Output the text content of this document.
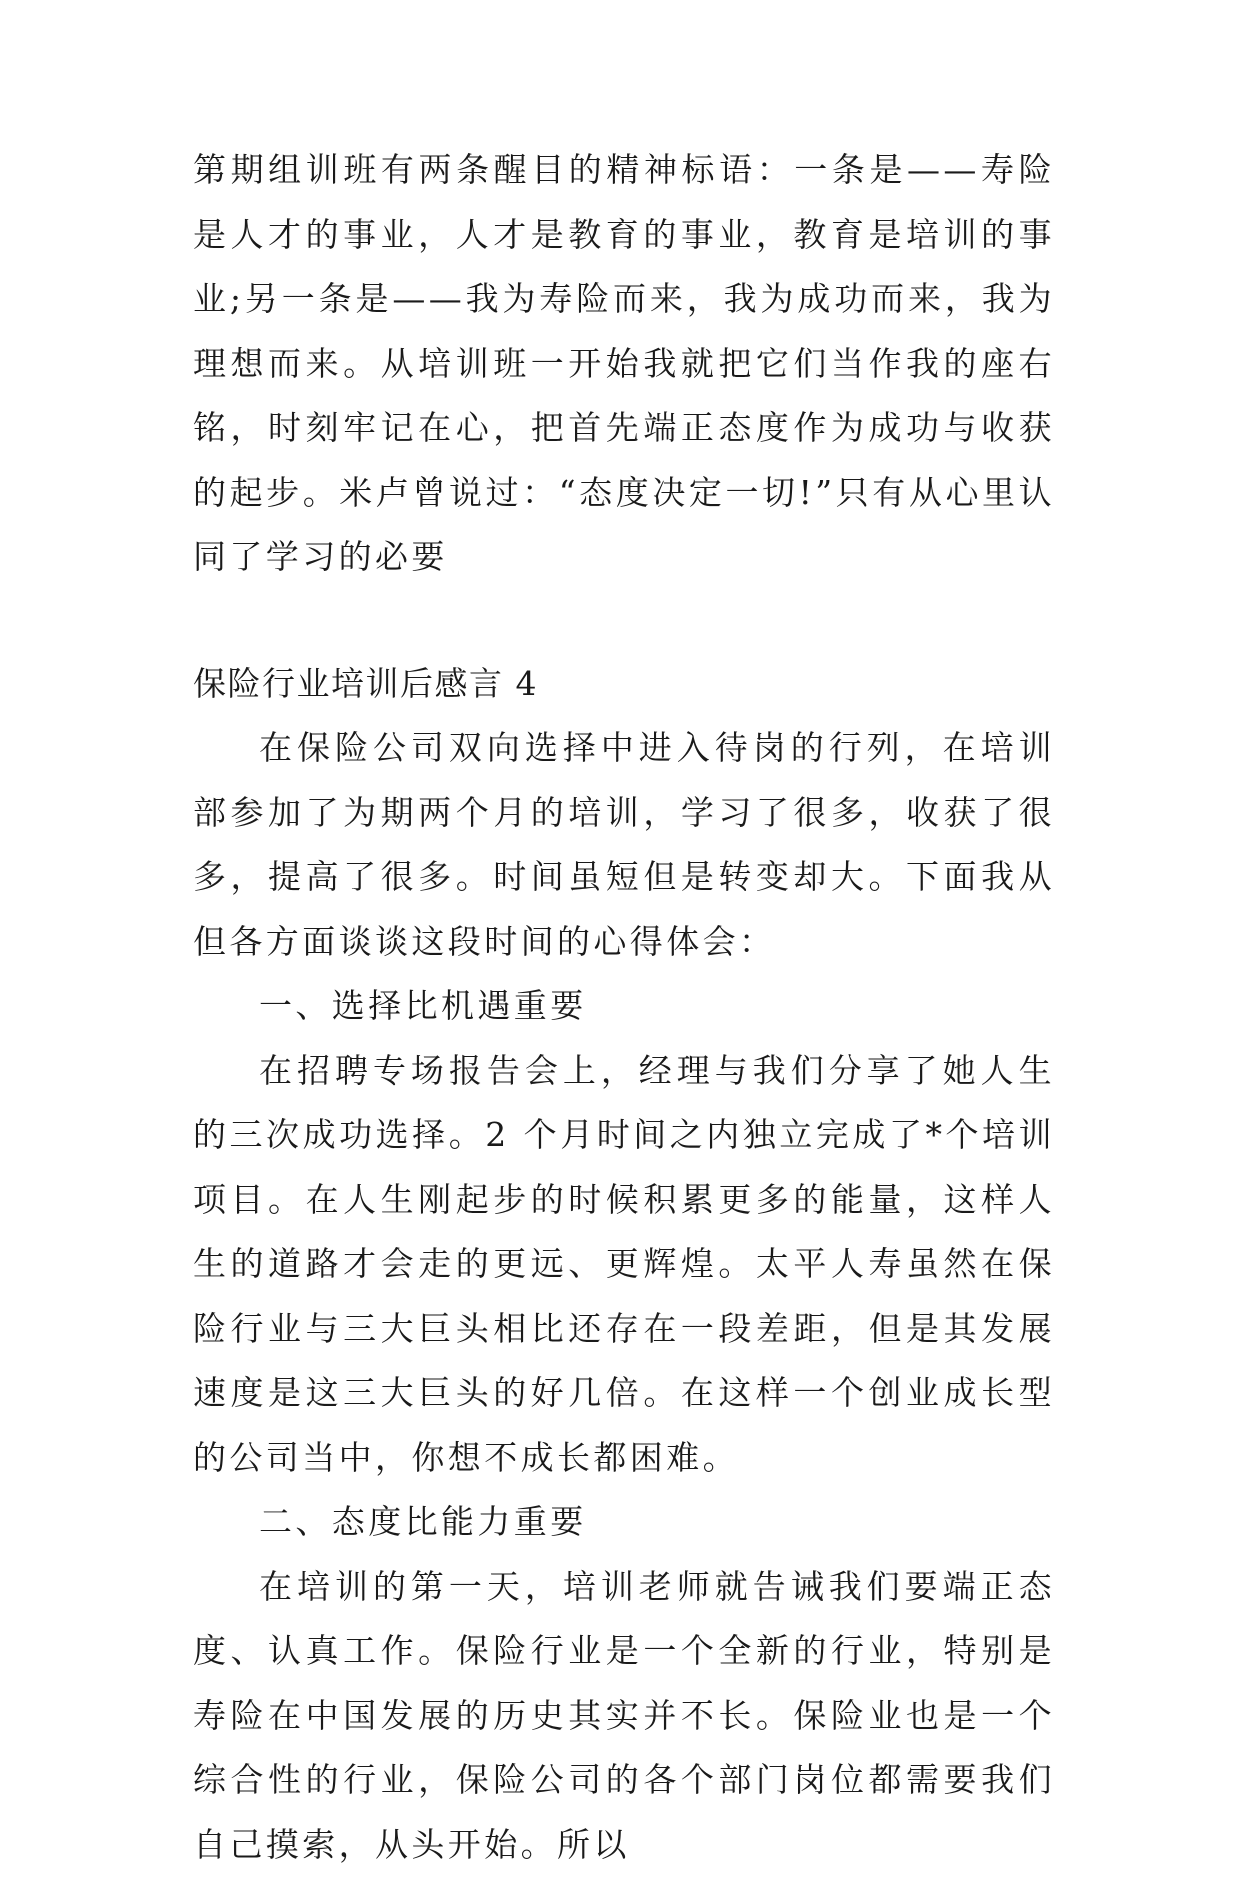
第期组训班有两条醒目的精神标语：一条是——寿险是人才的事业，人才是教育的事业，教育是培训的事业;另一条是——我为寿险而来，我为成功而来，我为理想而来。从培训班一开始我就把它们当作我的座右铭，时刻牢记在心，把首先端正态度作为成功与收获的起步。米卢曾说过：“态度决定一切!”只有从心里认同了学习的必要

保险行业培训后感言 4

在保险公司双向选择中进入待岗的行列，在培训部参加了为期两个月的培训，学习了很多，收获了很多，提高了很多。时间虽短但是转变却大。下面我从但各方面谈谈这段时间的心得体会：

一、选择比机遇重要

在招聘专场报告会上，经理与我们分享了她人生的三次成功选择。2 个月时间之内独立完成了*个培训项目。在人生刚起步的时候积累更多的能量，这样人生的道路才会走的更远、更辉煌。太平人寿虽然在保险行业与三大巨头相比还存在一段差距，但是其发展速度是这三大巨头的好几倍。在这样一个创业成长型的公司当中，你想不成长都困难。

二、态度比能力重要

在培训的第一天，培训老师就告诫我们要端正态度、认真工作。保险行业是一个全新的行业，特别是寿险在中国发展的历史其实并不长。保险业也是一个综合性的行业，保险公司的各个部门岗位都需要我们自己摸索，从头开始。所以
